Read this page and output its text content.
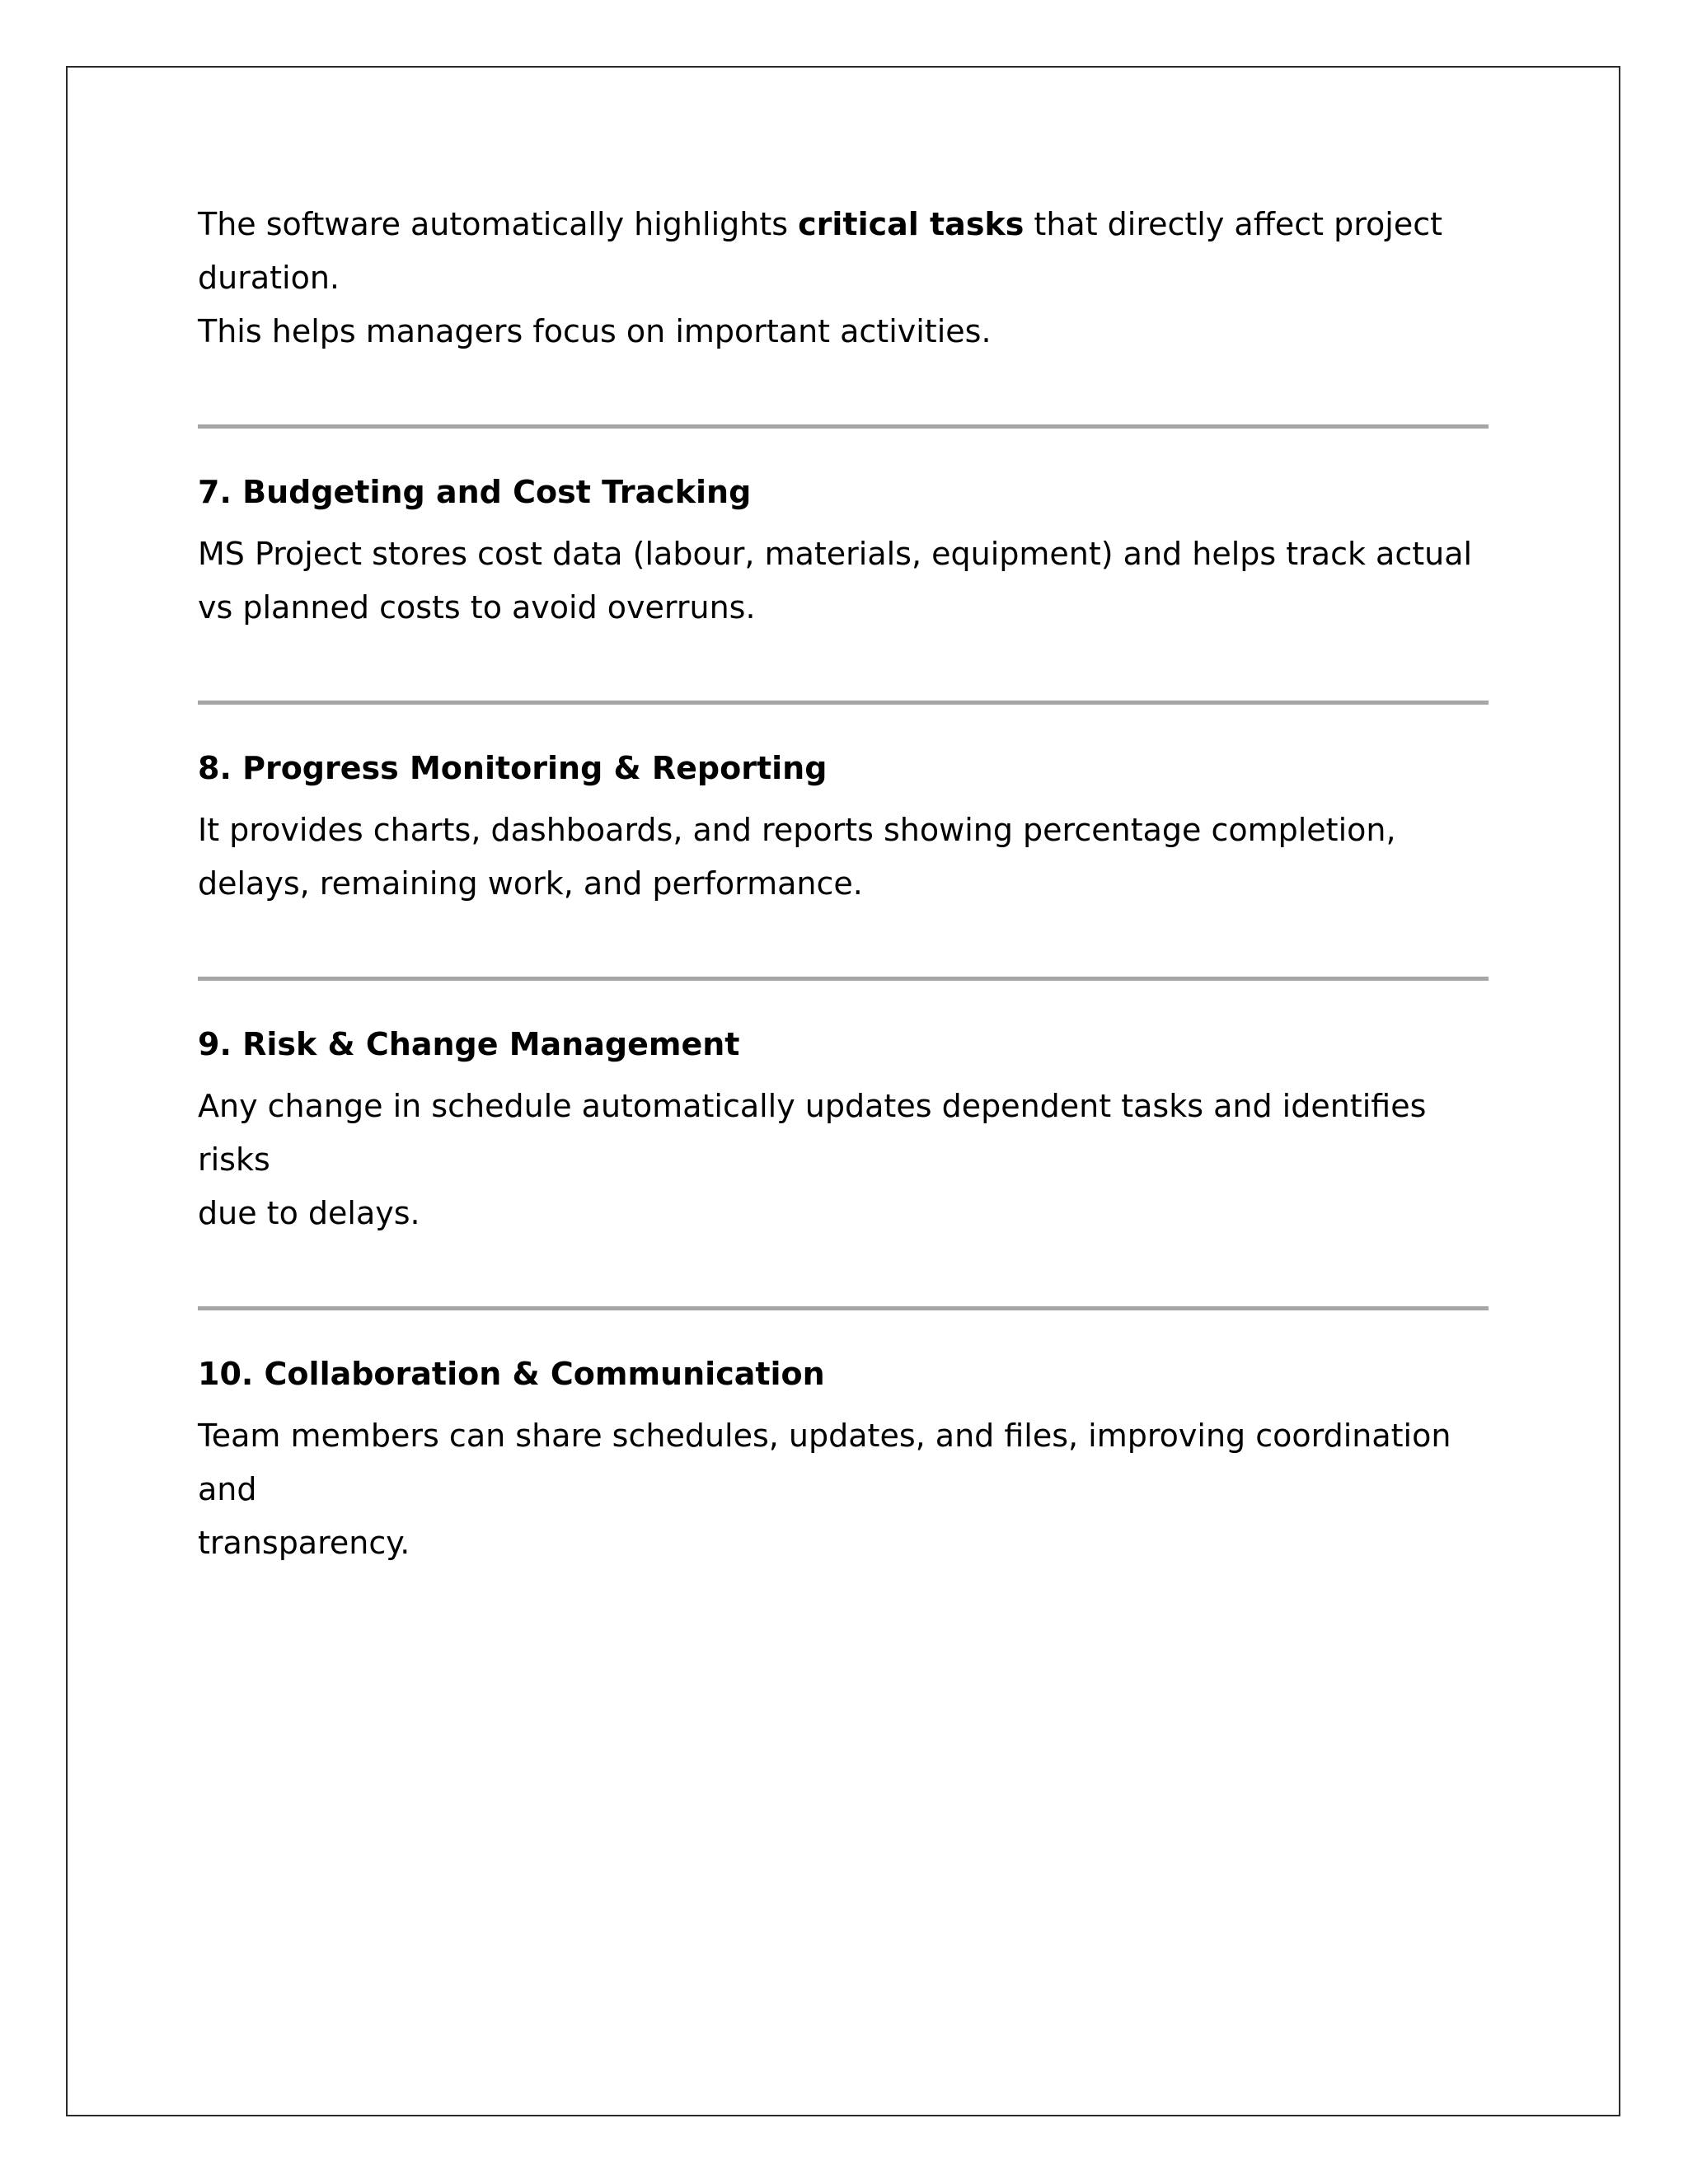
The software automatically highlights critical tasks that directly affect project

duration.

This helps managers focus on important activities.

7. Budgeting and Cost Tracking

MS Project stores cost data (labour, materials, equipment) and helps track actual

vs planned costs to avoid overruns.

8. Progress Monitoring & Reporting

It provides charts, dashboards, and reports showing percentage completion,

delays, remaining work, and performance.

9. Risk & Change Management

Any change in schedule automatically updates dependent tasks and identifies risks

due to delays.

10. Collaboration & Communication

Team members can share schedules, updates, and files, improving coordination and

transparency.
